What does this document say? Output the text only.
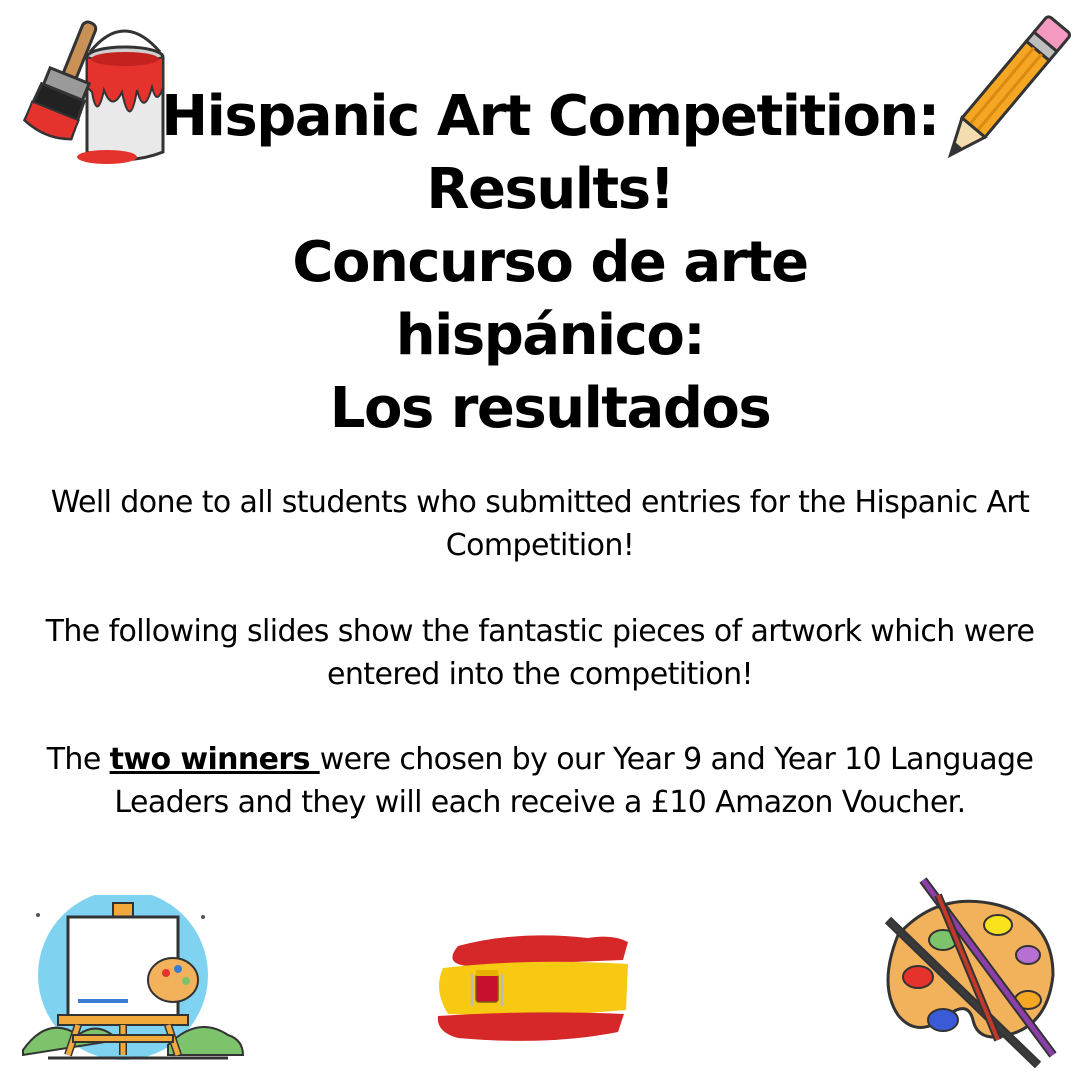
Hispanic Art Competition:
Results!
Concurso de arte
hispánico:
Los resultados
Well done to all students who submitted entries for the Hispanic Art Competition!
The following slides show the fantastic pieces of artwork which were entered into the competition!
The two winners were chosen by our Year 9 and Year 10 Language Leaders and they will each receive a £10 Amazon Voucher.
